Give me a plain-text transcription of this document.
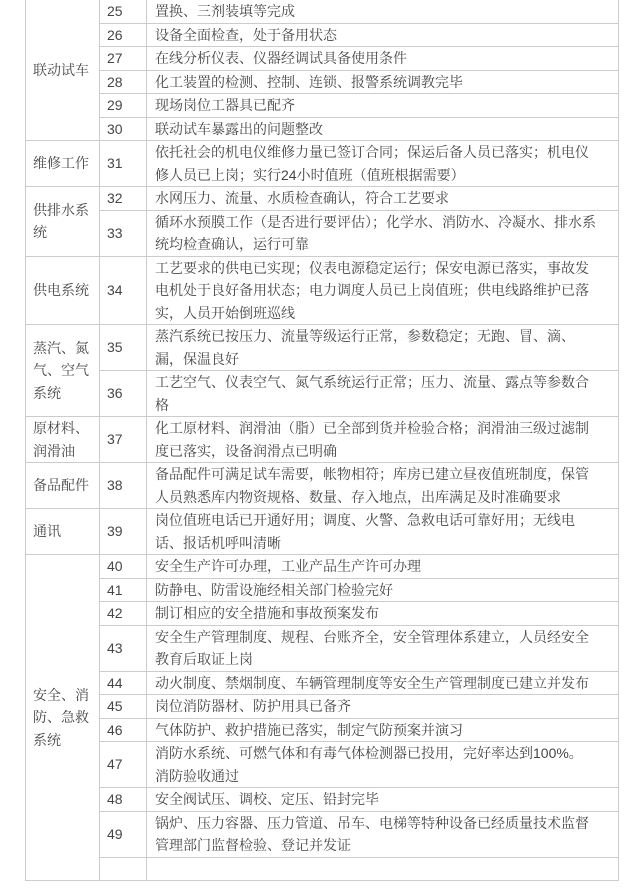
联动试车	25	置换、三剂装填等完成
	26	设备全面检查，处于备用状态
	27	在线分析仪表、仪器经调试具备使用条件
	28	化工装置的检测、控制、连锁、报警系统调教完毕
	29	现场岗位工器具已配齐
	30	联动试车暴露出的问题整改
维修工作	31	依托社会的机电仪维修力量已签订合同；保运后备人员已落实；机电仪修人员已上岗；实行24小时值班（值班根据需要）
供排水系统	32	水网压力、流量、水质检查确认，符合工艺要求
	33	循环水预膜工作（是否进行要评估）；化学水、消防水、冷凝水、排水系统均检查确认，运行可靠
供电系统	34	工艺要求的供电已实现；仪表电源稳定运行；保安电源已落实，事故发电机处于良好备用状态；电力调度人员已上岗值班；供电线路维护已落实，人员开始倒班巡线
蒸汽、氮气、空气系统	35	蒸汽系统已按压力、流量等级运行正常，参数稳定；无跑、冒、滴、漏，保温良好
	36	工艺空气、仪表空气、氮气系统运行正常；压力、流量、露点等参数合格
原材料、润滑油	37	化工原材料、润滑油（脂）已全部到货并检验合格；润滑油三级过滤制度已落实，设备润滑点已明确
备品配件	38	备品配件可满足试车需要，帐物相符；库房已建立昼夜值班制度，保管人员熟悉库内物资规格、数量、存入地点，出库满足及时准确要求
通讯	39	岗位值班电话已开通好用；调度、火警、急救电话可靠好用；无线电话、报话机呼叫清晰
安全、消防、急救系统	40	安全生产许可办理，工业产品生产许可办理
	41	防静电、防雷设施经相关部门检验完好
	42	制订相应的安全措施和事故预案发布
	43	安全生产管理制度、规程、台账齐全，安全管理体系建立，人员经安全教育后取证上岗
	44	动火制度、禁烟制度、车辆管理制度等安全生产管理制度已建立并发布
	45	岗位消防器材、防护用具已备齐
	46	气体防护、救护措施已落实，制定气防预案并演习
	47	消防水系统、可燃气体和有毒气体检测器已投用，完好率达到100%。消防验收通过
	48	安全阀试压、调校、定压、铅封完毕
	49	锅炉、压力容器、压力管道、吊车、电梯等特种设备已经质量技术监督管理部门监督检验、登记并发证
